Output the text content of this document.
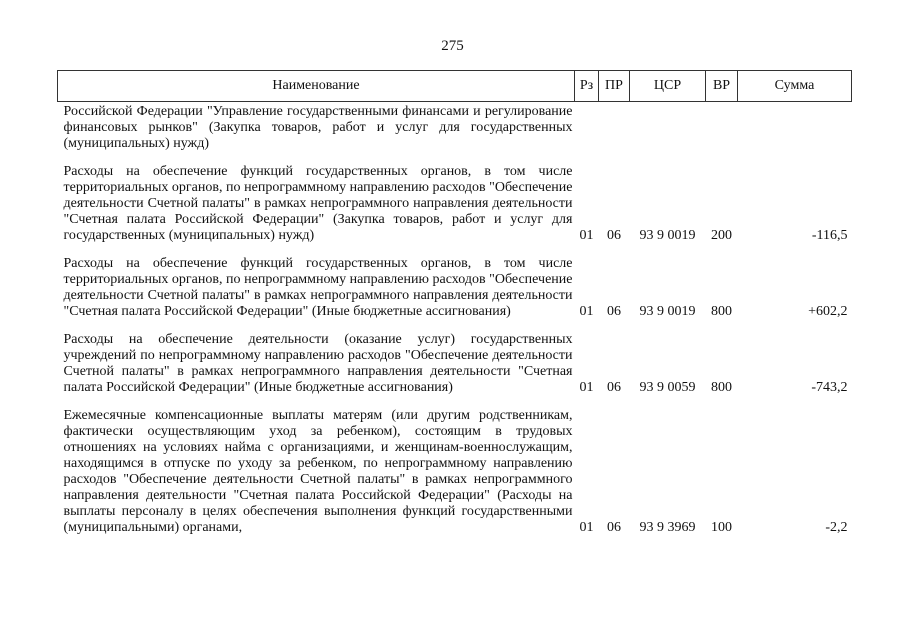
275
Наименование	Рз	ПР	ЦСР	ВР	Сумма
Российской Федерации "Управление государственными финансами и регулирование финансовых рынков" (Закупка товаров, работ и услуг для государственных (муниципальных) нужд)					

Расходы на обеспечение функций государственных органов, в том числе территориальных органов, по непрограммному направлению расходов "Обеспечение деятельности Счетной палаты" в рамках непрограммного направления деятельности "Счетная палата Российской Федерации" (Закупка товаров, работ и услуг для государственных (муниципальных) нужд)	01	06	93 9 0019	200	-116,5

Расходы на обеспечение функций государственных органов, в том числе территориальных органов, по непрограммному направлению расходов "Обеспечение деятельности Счетной палаты" в рамках непрограммного направления деятельности "Счетная палата Российской Федерации" (Иные бюджетные ассигнования)	01	06	93 9 0019	800	+602,2

Расходы на обеспечение деятельности (оказание услуг) государственных учреждений по непрограммному направлению расходов "Обеспечение деятельности Счетной палаты" в рамках непрограммного направления деятельности "Счетная палата Российской Федерации" (Иные бюджетные ассигнования)	01	06	93 9 0059	800	-743,2

Ежемесячные компенсационные выплаты матерям (или другим родственникам, фактически осуществляющим уход за ребенком), состоящим в трудовых отношениях на условиях найма с организациями, и женщинам-военнослужащим, находящимся в отпуске по уходу за ребенком, по непрограммному направлению расходов "Обеспечение деятельности Счетной палаты" в рамках непрограммного направления деятельности "Счетная палата Российской Федерации" (Расходы на выплаты персоналу в целях обеспечения выполнения функций государственными (муниципальными) органами,	01	06	93 9 3969	100	-2,2
